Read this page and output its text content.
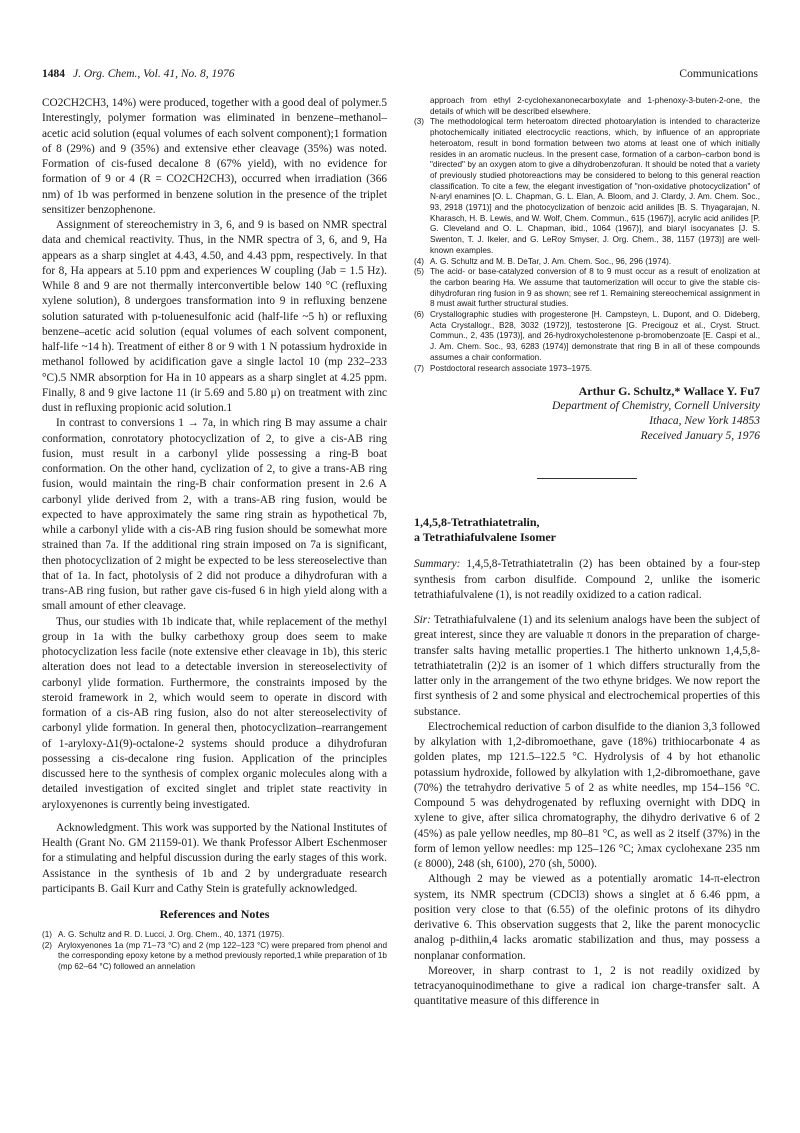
1484 J. Org. Chem., Vol. 41, No. 8, 1976	Communications

CO2CH2CH3, 14%) were produced, together with a good deal of polymer.5 Interestingly, polymer formation was eliminated in benzene–methanol–acetic acid solution (equal volumes of each solvent component);1 formation of 8 (29%) and 9 (35%) and extensive ether cleavage (35%) was noted. Formation of cis-fused decalone 8 (67% yield), with no evidence for formation of 9 or 4 (R = CO2CH2CH3), occurred when irradiation (366 nm) of 1b was performed in benzene solution in the presence of the triplet sensitizer benzophenone.

Assignment of stereochemistry in 3, 6, and 9 is based on NMR spectral data and chemical reactivity. Thus, in the NMR spectra of 3, 6, and 9, Ha appears as a sharp singlet at 4.43, 4.50, and 4.43 ppm, respectively. In that for 8, Ha appears at 5.10 ppm and experiences W coupling (Jab = 1.5 Hz). While 8 and 9 are not thermally interconvertible below 140 °C (refluxing xylene solution), 8 undergoes transformation into 9 in refluxing benzene solution saturated with p-toluenesulfonic acid (half-life ~5 h) or refluxing benzene–acetic acid solution (equal volumes of each solvent component, half-life ~14 h). Treatment of either 8 or 9 with 1 N potassium hydroxide in methanol followed by acidification gave a single lactol 10 (mp 232–233 °C).5 NMR absorption for Ha in 10 appears as a sharp singlet at 4.25 ppm. Finally, 8 and 9 give lactone 11 (ir 5.69 and 5.80 μ) on treatment with zinc dust in refluxing propionic acid solution.1

In contrast to conversions 1 → 7a, in which ring B may assume a chair conformation, conrotatory photocyclization of 2, to give a cis-AB ring fusion, must result in a carbonyl ylide possessing a ring-B boat conformation. On the other hand, cyclization of 2, to give a trans-AB ring fusion, would maintain the ring-B chair conformation present in 2.6 A carbonyl ylide derived from 2, with a trans-AB ring fusion, would be expected to have approximately the same ring strain as hypothetical 7b, while a carbonyl ylide with a cis-AB ring fusion should be somewhat more strained than 7a. If the additional ring strain imposed on 7a is significant, then photocyclization of 2 might be expected to be less stereoselective than that of 1a. In fact, photolysis of 2 did not produce a dihydrofuran with a trans-AB ring fusion, but rather gave cis-fused 6 in high yield along with a small amount of ether cleavage.

Thus, our studies with 1b indicate that, while replacement of the methyl group in 1a with the bulky carbethoxy group does seem to make photocyclization less facile (note extensive ether cleavage in 1b), this steric alteration does not lead to a detectable inversion in stereoselectivity of carbonyl ylide formation. Furthermore, the constraints imposed by the steroid framework in 2, which would seem to operate in discord with formation of a cis-AB ring fusion, also do not alter stereoselectivity of carbonyl ylide formation. In general then, photocyclization–rearrangement of 1-aryloxy-Δ1(9)-octalone-2 systems should produce a dihydrofuran possessing a cis-decalone ring fusion. Application of the principles discussed here to the synthesis of complex organic molecules along with a detailed investigation of excited singlet and triplet state reactivity in aryloxyenones is currently being investigated.

Acknowledgment. This work was supported by the National Institutes of Health (Grant No. GM 21159-01). We thank Professor Albert Eschenmoser for a stimulating and helpful discussion during the early stages of this work. Assistance in the synthesis of 1b and 2 by undergraduate research participants B. Gail Kurr and Cathy Stein is gratefully acknowledged.

References and Notes
(1) A. G. Schultz and R. D. Lucci, J. Org. Chem., 40, 1371 (1975).
(2) Aryloxyenones 1a (mp 71–73 °C) and 2 (mp 122–123 °C) were prepared from phenol and the corresponding epoxy ketone by a method previously reported,1 while preparation of 1b (mp 62–64 °C) followed an annelation
approach from ethyl 2-cyclohexanonecarboxylate and 1-phenoxy-3-buten-2-one, the details of which will be described elsewhere.
(3) The methodological term heteroatom directed photoarylation is intended to characterize photochemically initiated electrocyclic reactions, which, by influence of an appropriate heteroatom, result in bond formation between two atoms at least one of which initially resides in an aromatic nucleus. In the present case, formation of a carbon–carbon bond is "directed" by an oxygen atom to give a dihydrobenzofuran. It should be noted that a variety of previously studied photoreactions may be considered to belong to this general reaction classification. To cite a few, the elegant investigation of "non-oxidative photocyclization" of N-aryl enamines [O. L. Chapman, G. L. Elan, A. Bloom, and J. Clardy, J. Am. Chem. Soc., 93, 2918 (1971)] and the photocyclization of benzoic acid anilides [B. S. Thyagarajan, N. Kharasch, H. B. Lewis, and W. Wolf, Chem. Commun., 615 (1967)], acrylic acid anilides [P. G. Cleveland and O. L. Chapman, ibid., 1064 (1967)], and biaryl isocyanates [J. S. Swenton, T. J. Ikeler, and G. LeRoy Smyser, J. Org. Chem., 38, 1157 (1973)] are well-known examples.
(4) A. G. Schultz and M. B. DeTar, J. Am. Chem. Soc., 96, 296 (1974).
(5) The acid- or base-catalyzed conversion of 8 to 9 must occur as a result of enolization at the carbon bearing Ha. We assume that tautomerization will occur to give the stable cis-dihydrofuran ring fusion in 9 as shown; see ref 1. Remaining stereochemical assignment in 8 must await further structural studies.
(6) Crystallographic studies with progesterone [H. Campsteyn, L. Dupont, and O. Dideberg, Acta Crystallogr., B28, 3032 (1972)], testosterone [G. Precigouz et al., Cryst. Struct. Commun., 2, 435 (1973)], and 26-hydroxycholestenone p-bromobenzoate [E. Caspi et al., J. Am. Chem. Soc., 93, 6283 (1974)] demonstrate that ring B in all of these compounds assumes a chair conformation.
(7) Postdoctoral research associate 1973–1975.
Arthur G. Schultz,* Wallace Y. Fu7
Department of Chemistry, Cornell University
Ithaca, New York 14853
Received January 5, 1976
1,4,5,8-Tetrathiatetralin,
a Tetrathiafulvalene Isomer

Summary: 1,4,5,8-Tetrathiatetralin (2) has been obtained by a four-step synthesis from carbon disulfide. Compound 2, unlike the isomeric tetrathiafulvalene (1), is not readily oxidized to a cation radical.

Sir: Tetrathiafulvalene (1) and its selenium analogs have been the subject of great interest, since they are valuable π donors in the preparation of charge-transfer salts having metallic properties.1 The hitherto unknown 1,4,5,8-tetrathiatetralin (2)2 is an isomer of 1 which differs structurally from the latter only in the arrangement of the two ethyne bridges. We now report the first synthesis of 2 and some physical and electrochemical properties of this substance.

Electrochemical reduction of carbon disulfide to the dianion 3,3 followed by alkylation with 1,2-dibromoethane, gave (18%) trithiocarbonate 4 as golden plates, mp 121.5–122.5 °C. Hydrolysis of 4 by hot ethanolic potassium hydroxide, followed by alkylation with 1,2-dibromoethane, gave (70%) the tetrahydro derivative 5 of 2 as white needles, mp 154–156 °C. Compound 5 was dehydrogenated by refluxing overnight with DDQ in xylene to give, after silica chromatography, the dihydro derivative 6 of 2 (45%) as pale yellow needles, mp 80–81 °C, as well as 2 itself (37%) in the form of lemon yellow needles: mp 125–126 °C; λmax cyclohexane 235 nm (ε 8000), 248 (sh, 6100), 270 (sh, 5000).

Although 2 may be viewed as a potentially aromatic 14-π-electron system, its NMR spectrum (CDCl3) shows a singlet at δ 6.46 ppm, a position very close to that (6.55) of the olefinic protons of its dihydro derivative 6. This observation suggests that 2, like the parent monocyclic analog p-dithiin,4 lacks aromatic stabilization and thus, may possess a nonplanar conformation.

Moreover, in sharp contrast to 1, 2 is not readily oxidized by tetracyanoquinodimethane to give a radical ion charge-transfer salt. A quantitative measure of this difference in
